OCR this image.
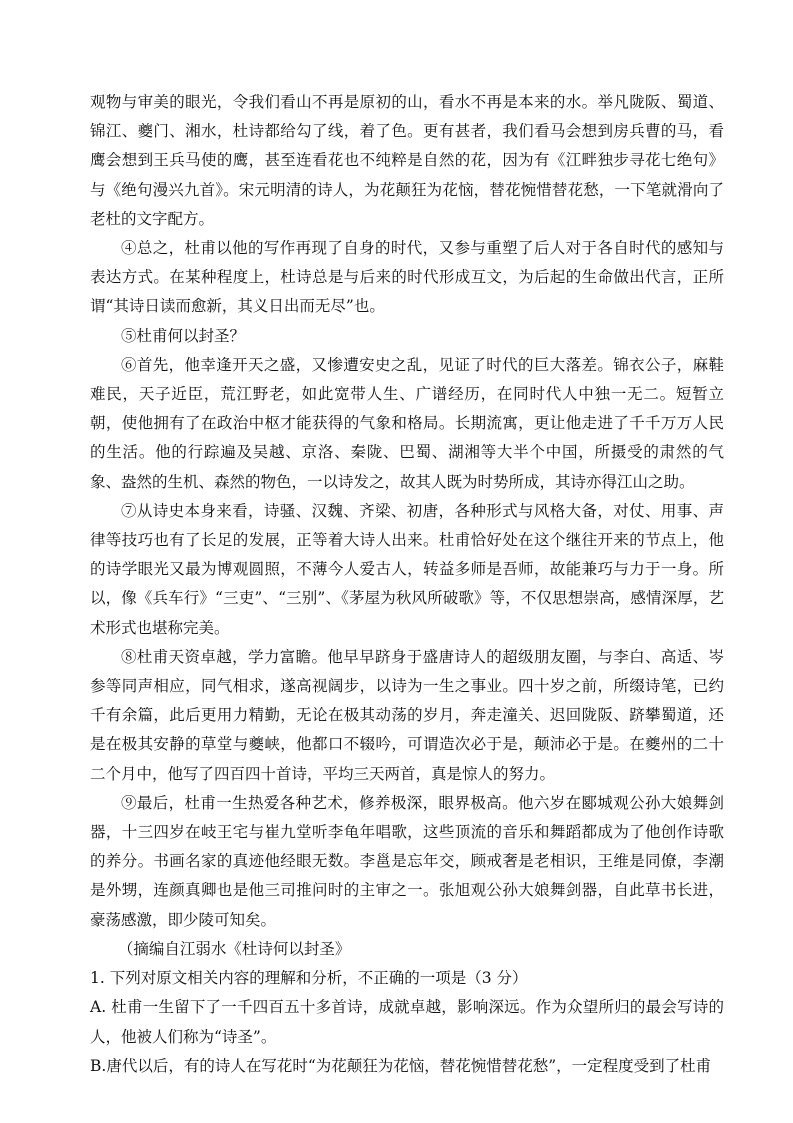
观物与审美的眼光，令我们看山不再是原初的山，看水不再是本来的水。举凡陇阪、蜀道、锦江、夔门、湘水，杜诗都给勾了线，着了色。更有甚者，我们看马会想到房兵曹的马，看鹰会想到王兵马使的鹰，甚至连看花也不纯粹是自然的花，因为有《江畔独步寻花七绝句》与《绝句漫兴九首》。宋元明清的诗人，为花颠狂为花恼，替花惋惜替花愁，一下笔就滑向了老杜的文字配方。

④总之，杜甫以他的写作再现了自身的时代，又参与重塑了后人对于各自时代的感知与表达方式。在某种程度上，杜诗总是与后来的时代形成互文，为后起的生命做出代言，正所谓“其诗日读而愈新，其义日出而无尽”也。

⑤杜甫何以封圣？

⑥首先，他幸逢开天之盛，又惨遭安史之乱，见证了时代的巨大落差。锦衣公子，麻鞋难民，天子近臣，荒江野老，如此宽带人生、广谱经历，在同时代人中独一无二。短暂立朝，使他拥有了在政治中枢才能获得的气象和格局。长期流寓，更让他走进了千千万万人民的生活。他的行踪遍及吴越、京洛、秦陇、巴蜀、湖湘等大半个中国，所摄受的肃然的气象、盎然的生机、森然的物色，一以诗发之，故其人既为时势所成，其诗亦得江山之助。

⑦从诗史本身来看，诗骚、汉魏、齐梁、初唐，各种形式与风格大备，对仗、用事、声律等技巧也有了长足的发展，正等着大诗人出来。杜甫恰好处在这个继往开来的节点上，他的诗学眼光又最为博观圆照，不薄今人爱古人，转益多师是吾师，故能兼巧与力于一身。所以，像《兵车行》“三吏”、“三别”、《茅屋为秋风所破歌》等，不仅思想崇高，感情深厚，艺术形式也堪称完美。

⑧杜甫天资卓越，学力富瞻。他早早跻身于盛唐诗人的超级朋友圈，与李白、高适、岑参等同声相应，同气相求，遂高视阔步，以诗为一生之事业。四十岁之前，所缀诗笔，已约千有余篇，此后更用力精勤，无论在极其动荡的岁月，奔走潼关、迟回陇阪、跻攀蜀道，还是在极其安静的草堂与夔峡，他都口不辍吟，可谓造次必于是，颠沛必于是。在夔州的二十二个月中，他写了四百四十首诗，平均三天两首，真是惊人的努力。

⑨最后，杜甫一生热爱各种艺术，修养极深，眼界极高。他六岁在郾城观公孙大娘舞剑器，十三四岁在岐王宅与崔九堂听李龟年唱歌，这些顶流的音乐和舞蹈都成为了他创作诗歌的养分。书画名家的真迹他经眼无数。李邕是忘年交，顾戒奢是老相识，王维是同僚，李潮是外甥，连颜真卿也是他三司推问时的主审之一。张旭观公孙大娘舞剑器，自此草书长进，豪荡感激，即少陵可知矣。

（摘编自江弱水《杜诗何以封圣》

1. 下列对原文相关内容的理解和分析，不正确的一项是（3 分）

A. 杜甫一生留下了一千四百五十多首诗，成就卓越，影响深远。作为众望所归的最会写诗的人，他被人们称为“诗圣”。

B.唐代以后，有的诗人在写花时“为花颠狂为花恼，替花惋惜替花愁”，一定程度受到了杜甫
